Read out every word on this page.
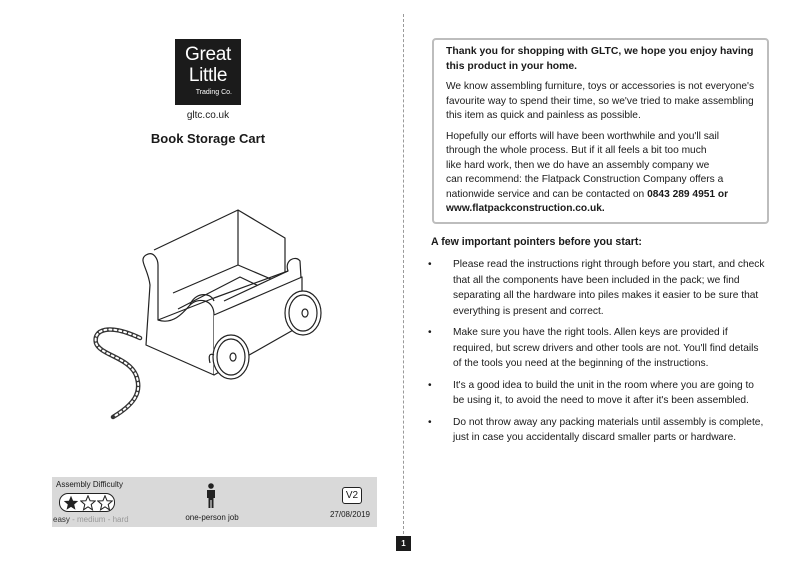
Great
Little
Trading Co.
gltc.co.uk
Book Storage Cart
Assembly Difficulty
easy - medium - hard	one-person job
V2
27/08/2019
1
Thank you for shopping with GLTC, we hope you enjoy having this product in your home.

We know assembling furniture, toys or accessories is not everyone's favourite way to spend their time, so we've tried to make assembling this item as quick and painless as possible.

Hopefully our efforts will have been worthwhile and you'll sail
through the whole process. But if it all feels a bit too much
like hard work, then we do have an assembly company we
can recommend: the Flatpack Construction Company offers a
nationwide service and can be contacted on 0843 289 4951 or
www.flatpackconstruction.co.uk.

A few important pointers before you start:
• Please read the instructions right through before you start, and check that all the components have been included in the pack; we find separating all the hardware into piles makes it easier to be sure that everything is present and correct.
• Make sure you have the right tools. Allen keys are provided if required, but screw drivers and other tools are not. You'll find details of the tools you need at the beginning of the instructions.
• It's a good idea to build the unit in the room where you are going to be using it, to avoid the need to move it after it's been assembled.
• Do not throw away any packing materials until assembly is complete, just in case you accidentally discard smaller parts or hardware.
